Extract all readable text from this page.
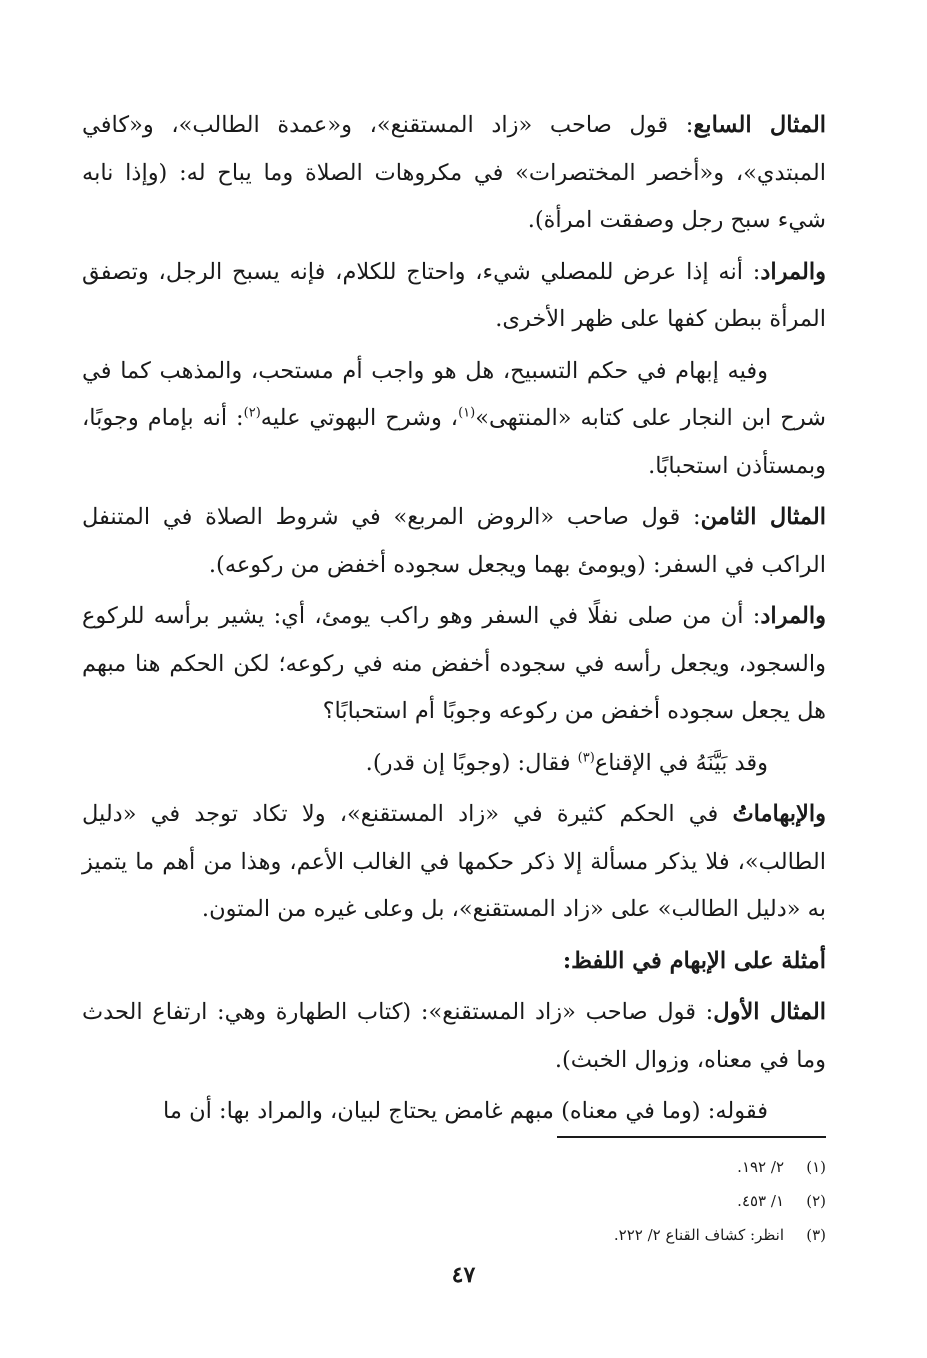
المثال السابع: قول صاحب «زاد المستقنع»، و«عمدة الطالب»، و«كافي المبتدي»، و«أخصر المختصرات» في مكروهات الصلاة وما يباح له: (وإذا نابه شيء سبح رجل وصفقت امرأة).

والمراد: أنه إذا عرض للمصلي شيء، واحتاج للكلام، فإنه يسبح الرجل، وتصفق المرأة ببطن كفها على ظهر الأخرى.

وفيه إبهام في حكم التسبيح، هل هو واجب أم مستحب، والمذهب كما في شرح ابن النجار على كتابه «المنتهى»$^{(١)}$، وشرح البهوتي عليه$^{(٢)}$: أنه بإمام وجوبًا، وبمستأذن استحبابًا.

المثال الثامن: قول صاحب «الروض المربع» في شروط الصلاة في المتنفل الراكب في السفر: (ويومئ بهما ويجعل سجوده أخفض من ركوعه).

والمراد: أن من صلى نفلًا في السفر وهو راكب يومئ، أي: يشير برأسه للركوع والسجود، ويجعل رأسه في سجوده أخفض منه في ركوعه؛ لكن الحكم هنا مبهم هل يجعل سجوده أخفض من ركوعه وجوبًا أم استحبابًا؟

وقد بَيَّنَهُ في الإقناع$^{(٣)}$ فقال: (وجوبًا إن قدر).

والإبهاماتُ في الحكم كثيرة في «زاد المستقنع»، ولا تكاد توجد في «دليل الطالب»، فلا يذكر مسألة إلا ذكر حكمها في الغالب الأعم، وهذا من أهم ما يتميز به «دليل الطالب» على «زاد المستقنع»، بل وعلى غيره من المتون.

أمثلة على الإبهام في اللفظ:

المثال الأول: قول صاحب «زاد المستقنع»: (كتاب الطهارة وهي: ارتفاع الحدث وما في معناه، وزوال الخبث).

فقوله: (وما في معناه) مبهم غامض يحتاج لبيان، والمراد بها: أن ما

(١)
٢/ ١٩٢.
(٢)
١/ ٤٥٣.
(٣)
انظر: كشاف القناع ٢/ ٢٢٢.
٤٧
